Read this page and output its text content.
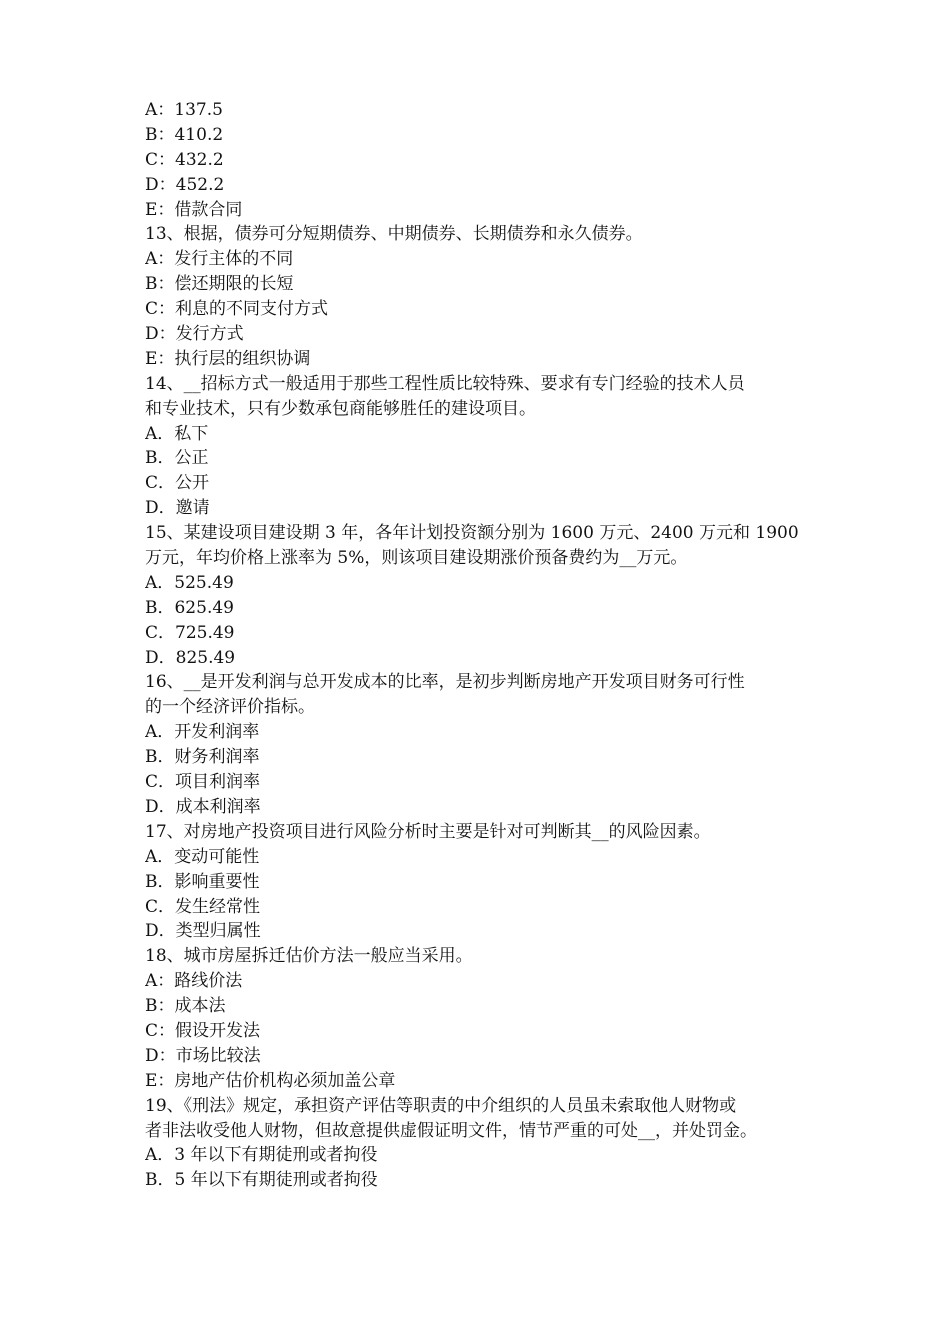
A：137.5
B：410.2
C：432.2
D：452.2
E：借款合同
13、根据，债券可分短期债券、中期债券、长期债券和永久债券。
A：发行主体的不同
B：偿还期限的长短
C：利息的不同支付方式
D：发行方式
E：执行层的组织协调
14、__招标方式一般适用于那些工程性质比较特殊、要求有专门经验的技术人员
和专业技术，只有少数承包商能够胜任的建设项目。
A．私下
B．公正
C．公开
D．邀请
15、某建设项目建设期 3 年，各年计划投资额分别为 1600 万元、2400 万元和 1900
万元，年均价格上涨率为 5%，则该项目建设期涨价预备费约为__万元。
A．525.49
B．625.49
C．725.49
D．825.49
16、__是开发利润与总开发成本的比率，是初步判断房地产开发项目财务可行性
的一个经济评价指标。
A．开发利润率
B．财务利润率
C．项目利润率
D．成本利润率
17、对房地产投资项目进行风险分析时主要是针对可判断其__的风险因素。
A．变动可能性
B．影响重要性
C．发生经常性
D．类型归属性
18、城市房屋拆迁估价方法一般应当采用。
A：路线价法
B：成本法
C：假设开发法
D：市场比较法
E：房地产估价机构必须加盖公章
19、《刑法》规定，承担资产评估等职责的中介组织的人员虽未索取他人财物或
者非法收受他人财物，但故意提供虚假证明文件，情节严重的可处__，并处罚金。
A．3 年以下有期徒刑或者拘役
B．5 年以下有期徒刑或者拘役
